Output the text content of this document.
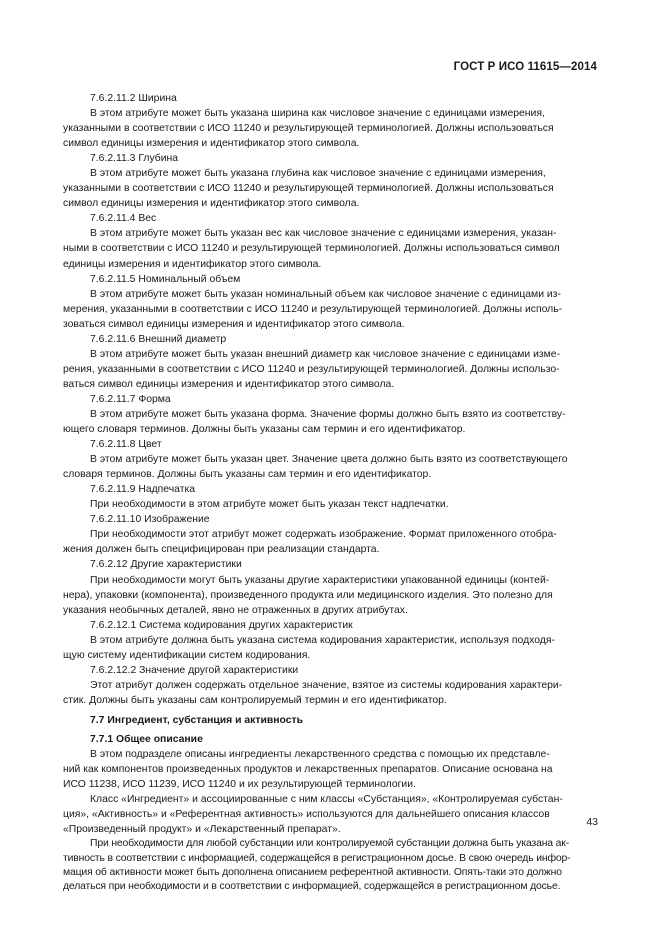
ГОСТ Р ИСО 11615—2014

7.6.2.11.2 Ширина

В этом атрибуте может быть указана ширина как числовое значение с единицами измерения,
указанными в соответствии с ИСО 11240 и результирующей терминологией. Должны использоваться
символ единицы измерения и идентификатор этого символа.

7.6.2.11.3 Глубина

В этом атрибуте может быть указана глубина как числовое значение с единицами измерения,
указанными в соответствии с ИСО 11240 и результирующей терминологией. Должны использоваться
символ единицы измерения и идентификатор этого символа.

7.6.2.11.4 Вес

В этом атрибуте может быть указан вес как числовое значение с единицами измерения, указан-
ными в соответствии с ИСО 11240 и результирующей терминологией. Должны использоваться символ
единицы измерения и идентификатор этого символа.

7.6.2.11.5 Номинальный объем

В этом атрибуте может быть указан номинальный объем как числовое значение с единицами из-
мерения, указанными в соответствии с ИСО 11240 и результирующей терминологией. Должны исполь-
зоваться символ единицы измерения и идентификатор этого символа.

7.6.2.11.6 Внешний диаметр

В этом атрибуте может быть указан внешний диаметр как числовое значение с единицами изме-
рения, указанными в соответствии с ИСО 11240 и результирующей терминологией. Должны использо-
ваться символ единицы измерения и идентификатор этого символа.

7.6.2.11.7 Форма

В этом атрибуте может быть указана форма. Значение формы должно быть взято из соответству-
ющего словаря терминов. Должны быть указаны сам термин и его идентификатор.

7.6.2.11.8 Цвет

В этом атрибуте может быть указан цвет. Значение цвета должно быть взято из соответствующего
словаря терминов. Должны быть указаны сам термин и его идентификатор.

7.6.2.11.9 Надпечатка

При необходимости в этом атрибуте может быть указан текст надпечатки.

7.6.2.11.10 Изображение

При необходимости этот атрибут может содержать изображение. Формат приложенного отобра-
жения должен быть специфицирован при реализации стандарта.

7.6.2.12 Другие характеристики

При необходимости могут быть указаны другие характеристики упакованной единицы (контей-
нера), упаковки (компонента), произведенного продукта или медицинского изделия. Это полезно для
указания необычных деталей, явно не отраженных в других атрибутах.

7.6.2.12.1 Система кодирования других характеристик

В этом атрибуте должна быть указана система кодирования характеристик, используя подходя-
щую систему идентификации систем кодирования.

7.6.2.12.2 Значение другой характеристики

Этот атрибут должен содержать отдельное значение, взятое из системы кодирования характери-
стик. Должны быть указаны сам контролируемый термин и его идентификатор.

7.7 Ингредиент, субстанция и активность

7.7.1 Общее описание

В этом подразделе описаны ингредиенты лекарственного средства с помощью их представле-
ний как компонентов произведенных продуктов и лекарственных препаратов. Описание основана на
ИСО 11238, ИСО 11239, ИСО 11240 и их результирующей терминологии.

Класс «Ингредиент» и ассоциированные с ним классы «Субстанция», «Контролируемая субстан-
ция», «Активность» и «Референтная активность» используются для дальнейшего описания классов
«Произведенный продукт» и «Лекарственный препарат».

При необходимости для любой субстанции или контролируемой субстанции должна быть указана ак-
тивность в соответствии с информацией, содержащейся в регистрационном досье. В свою очередь инфор-
мация об активности может быть дополнена описанием референтной активности. Опять-таки это должно
делаться при необходимости и в соответствии с информацией, содержащейся в регистрационном досье.

43
